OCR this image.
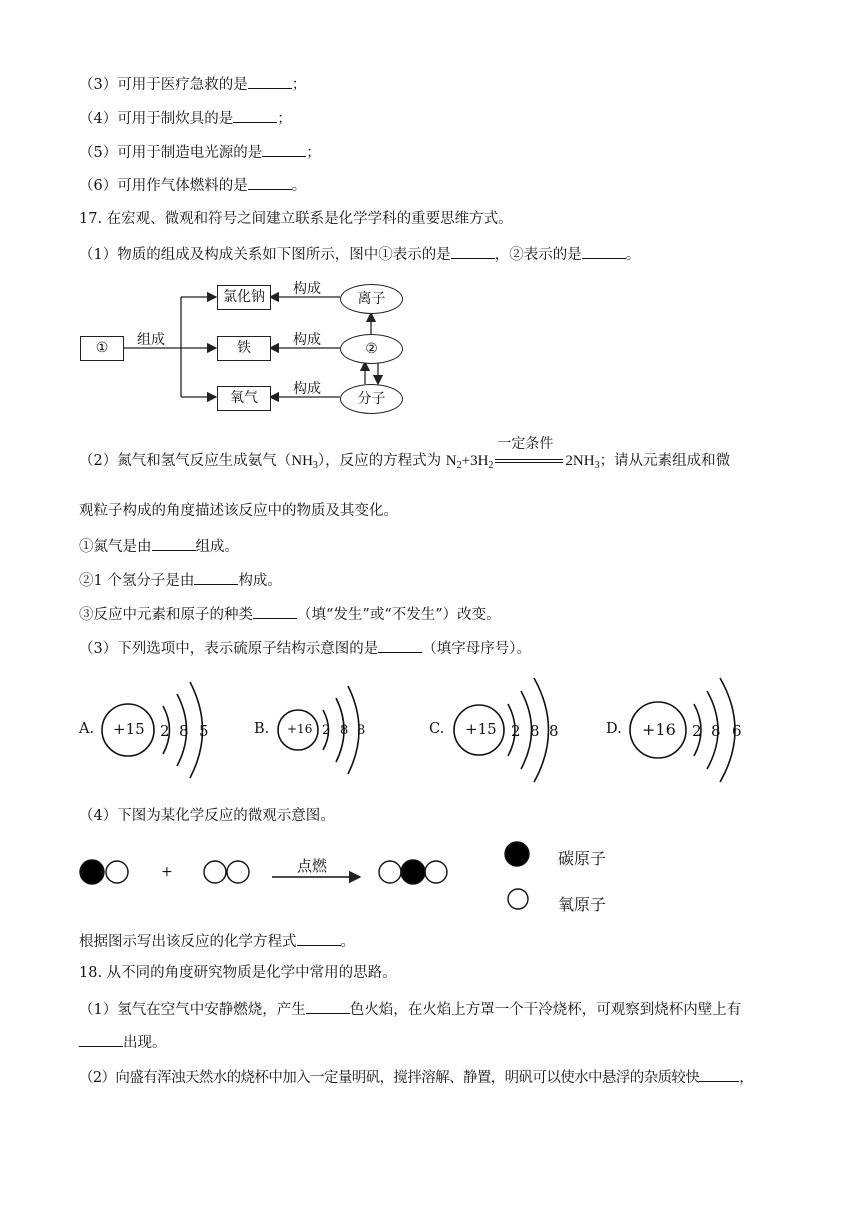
（3）可用于医疗急救的是	；
（4）可用于制炊具的是	；
（5）可用于制造电光源的是	；
（6）可用作气体燃料的是	。
17. 在宏观、微观和符号之间建立联系是化学学科的重要思维方式。
（1）物质的组成及构成关系如下图所示，图中①表示的是	，②表示的是	。
①	组成
氯化钠
铁
氧气
构成
构成
构成
离子
②
分子
（2）氮气和氢气反应生成氨气$(NH_3)$，反应的方程式为 $N_2+3H_2$
一定条件
$2NH_3$；请从元素组成和微
观粒子构成的角度描述该反应中的物质及其变化。
①氮气是由	组成。
②1 个氢分子是由	构成。
③反应中元素和原子的种类	（填“发生”或“不发生”）改变。
（3）下列选项中，表示硫原子结构示意图的是	（填字母序号）。
A. +15 2 8 5	B. +16 2 8 8	C. +15 2 8 8	D. +16 2 8 6
（4）下图为某化学反应的微观示意图。
+	点燃	碳原子
氧原子
根据图示写出该反应的化学方程式	。
18. 从不同的角度研究物质是化学中常用的思路。
（1）氢气在空气中安静燃烧，产生	色火焰，在火焰上方罩一个干冷烧杯，可观察到烧杯内壁上有
出现。
（2）向盛有浑浊天然水的烧杯中加入一定量明矾，搅拌溶解、静置，明矾可以使水中悬浮的杂质较快	，
